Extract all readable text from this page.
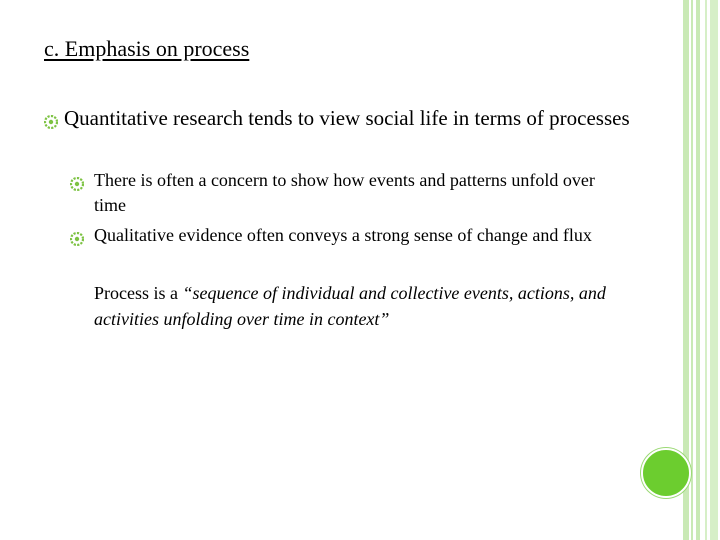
c. Emphasis on process
Quantitative research tends to view social life in terms of processes
There is often a concern to show how events and patterns unfold over time
Qualitative evidence often conveys a strong sense of change and flux
Process is a “sequence of individual and collective events, actions, and activities unfolding over time in context”
